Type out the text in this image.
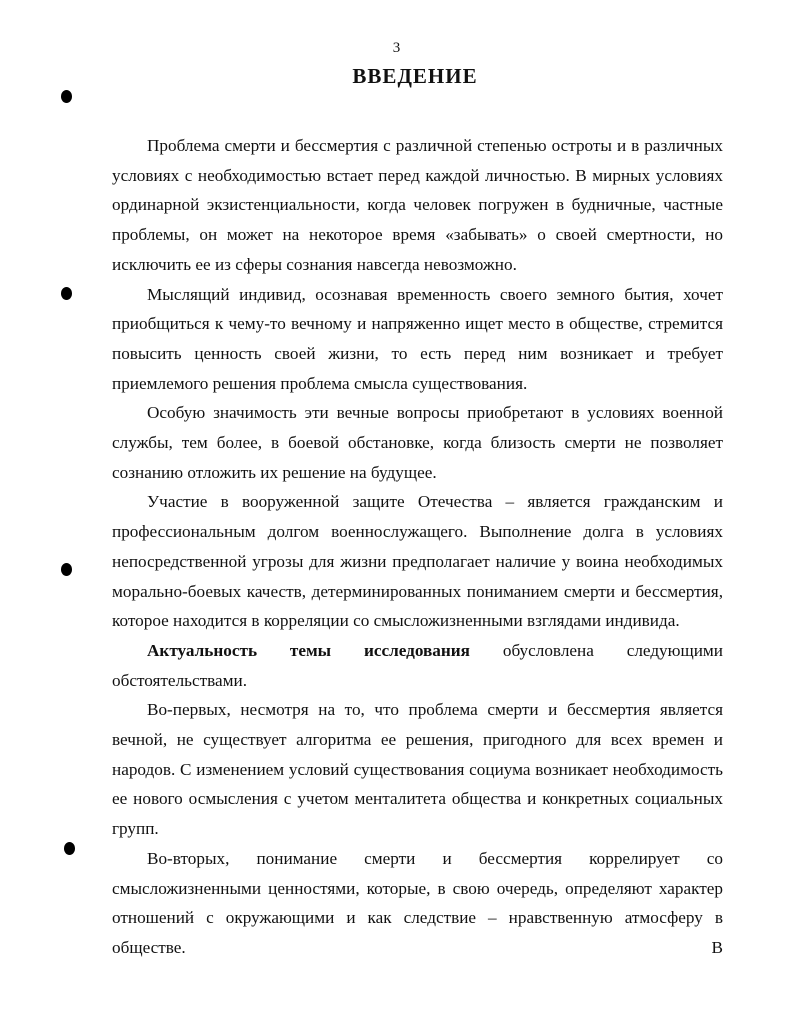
3
ВВЕДЕНИЕ

Проблема смерти и бессмертия с различной степенью остроты и в различных условиях с необходимостью встает перед каждой личностью. В мирных условиях ординарной экзистенциальности, когда человек погружен в будничные, частные проблемы, он может на некоторое время «забывать» о своей смертности, но исключить ее из сферы сознания навсегда невозможно.

Мыслящий индивид, осознавая временность своего земного бытия, хочет приобщиться к чему-то вечному и напряженно ищет место в обществе, стремится повысить ценность своей жизни, то есть перед ним возникает и требует приемлемого решения проблема смысла существования.

Особую значимость эти вечные вопросы приобретают в условиях военной службы, тем более, в боевой обстановке, когда близость смерти не позволяет сознанию отложить их решение на будущее.

Участие в вооруженной защите Отечества – является гражданским и профессиональным долгом военнослужащего. Выполнение долга в условиях непосредственной угрозы для жизни предполагает наличие у воина необходимых морально-боевых качеств, детерминированных пониманием смерти и бессмертия, которое находится в корреляции со смысложизненными взглядами индивида.

Актуальность темы исследования обусловлена следующими обстоятельствами.

Во-первых, несмотря на то, что проблема смерти и бессмертия является вечной, не существует алгоритма ее решения, пригодного для всех времен и народов. С изменением условий существования социума возникает необходимость ее нового осмысления с учетом менталитета общества и конкретных социальных групп.

Во-вторых, понимание смерти и бессмертия коррелирует со смысложизненными ценностями, которые, в свою очередь, определяют характер отношений с окружающими и как следствие – нравственную атмосферу в обществе. В
